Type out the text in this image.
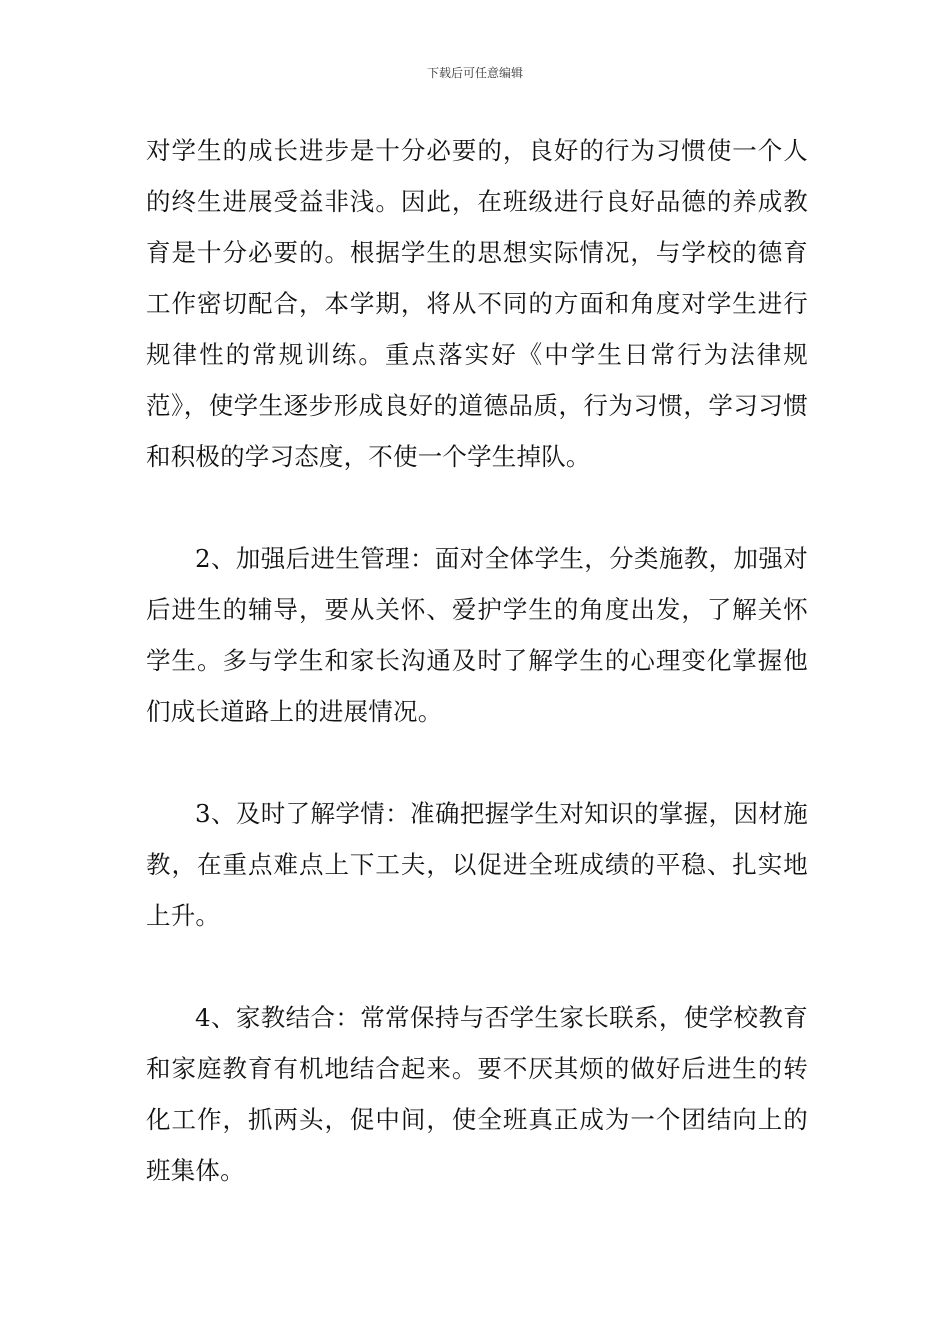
下载后可任意编辑

对学生的成长进步是十分必要的，良好的行为习惯使一个人的终生进展受益非浅。因此，在班级进行良好品德的养成教育是十分必要的。根据学生的思想实际情况，与学校的德育工作密切配合，本学期，将从不同的方面和角度对学生进行规律性的常规训练。重点落实好《中学生日常行为法律规范》，使学生逐步形成良好的道德品质，行为习惯，学习习惯和积极的学习态度，不使一个学生掉队。

2、加强后进生管理：面对全体学生，分类施教，加强对后进生的辅导，要从关怀、爱护学生的角度出发，了解关怀学生。多与学生和家长沟通及时了解学生的心理变化掌握他们成长道路上的进展情况。

3、及时了解学情：准确把握学生对知识的掌握，因材施教，在重点难点上下工夫，以促进全班成绩的平稳、扎实地上升。

4、家教结合：常常保持与否学生家长联系，使学校教育和家庭教育有机地结合起来。要不厌其烦的做好后进生的转化工作，抓两头，促中间，使全班真正成为一个团结向上的班集体。
